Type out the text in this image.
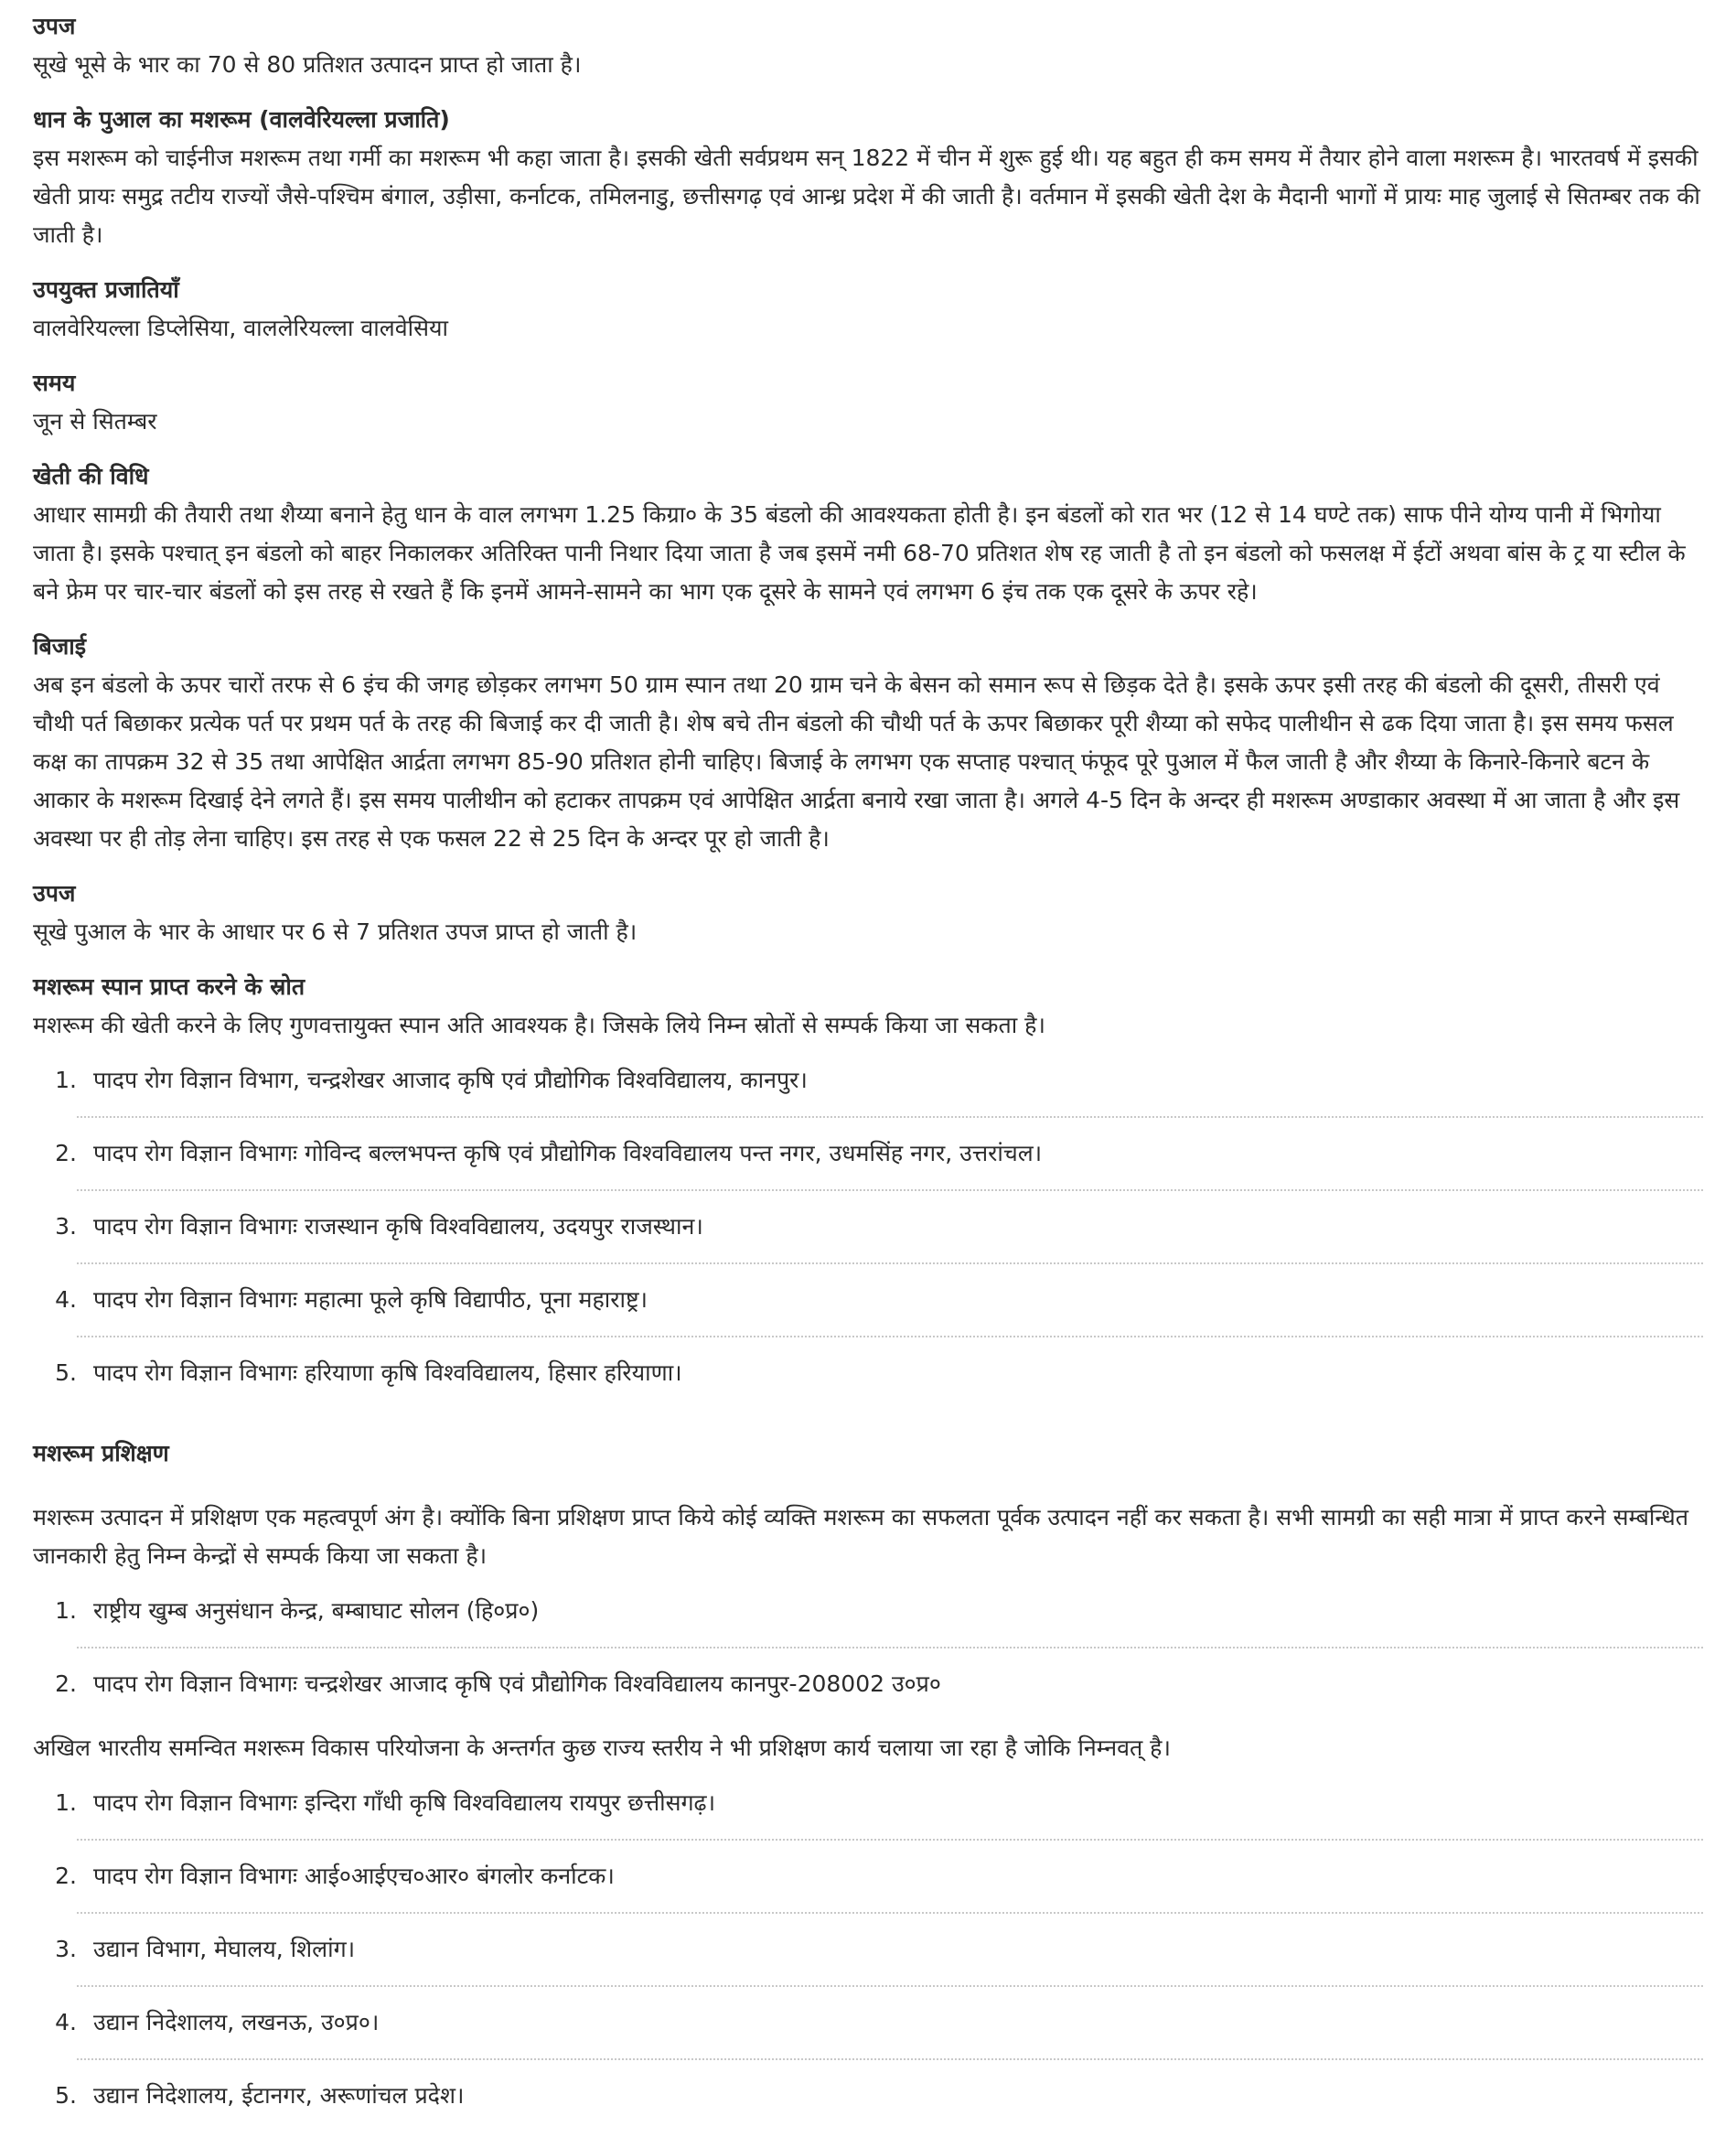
उपज

सूखे भूसे के भार का 70 से 80 प्रतिशत उत्पादन प्राप्त हो जाता है।

धान के पुआल का मशरूम (वालवेरियल्ला प्रजाति)

इस मशरूम को चाईनीज मशरूम तथा गर्मी का मशरूम भी कहा जाता है। इसकी खेती सर्वप्रथम सन् 1822 में चीन में शुरू हुई थी। यह बहुत ही कम समय में तैयार होने वाला मशरूम है। भारतवर्ष में इसकी खेती प्रायः समुद्र तटीय राज्यों जैसे-पश्चिम बंगाल, उड़ीसा, कर्नाटक, तमिलनाडु, छत्तीसगढ़ एवं आन्ध्र प्रदेश में की जाती है। वर्तमान में इसकी खेती देश के मैदानी भागों में प्रायः माह जुलाई से सितम्बर तक की जाती है।

उपयुक्त प्रजातियाँ

वालवेरियल्ला डिप्लेसिया, वाललेरियल्ला वालवेसिया

समय

जून से सितम्बर

खेती की विधि

आधार सामग्री की तैयारी तथा शैय्या बनाने हेतु धान के वाल लगभग 1.25 किग्रा० के 35 बंडलो की आवश्यकता होती है। इन बंडलों को रात भर (12 से 14 घण्टे तक) साफ पीने योग्य पानी में भिगोया जाता है। इसके पश्चात् इन बंडलो को बाहर निकालकर अतिरिक्त पानी निथार दिया जाता है जब इसमें नमी 68-70 प्रतिशत शेष रह जाती है तो इन बंडलो को फसलक्ष में ईटों अथवा बांस के ट्र या स्टील के बने फ्रेम पर चार-चार बंडलों को इस तरह से रखते हैं कि इनमें आमने-सामने का भाग एक दूसरे के सामने एवं लगभग 6 इंच तक एक दूसरे के ऊपर रहे।

बिजाई

अब इन बंडलो के ऊपर चारों तरफ से 6 इंच की जगह छोड़कर लगभग 50 ग्राम स्पान तथा 20 ग्राम चने के बेसन को समान रूप से छिड़क देते है। इसके ऊपर इसी तरह की बंडलो की दूसरी, तीसरी एवं चौथी पर्त बिछाकर प्रत्येक पर्त पर प्रथम पर्त के तरह की बिजाई कर दी जाती है। शेष बचे तीन बंडलो की चौथी पर्त के ऊपर बिछाकर पूरी शैय्या को सफेद पालीथीन से ढक दिया जाता है। इस समय फसल कक्ष का तापक्रम 32 से 35 तथा आपेक्षित आर्द्रता लगभग 85-90 प्रतिशत होनी चाहिए। बिजाई के लगभग एक सप्ताह पश्चात् फंफूद पूरे पुआल में फैल जाती है और शैय्या के किनारे-किनारे बटन के आकार के मशरूम दिखाई देने लगते हैं। इस समय पालीथीन को हटाकर तापक्रम एवं आपेक्षित आर्द्रता बनाये रखा जाता है। अगले 4-5 दिन के अन्दर ही मशरूम अण्डाकार अवस्था में आ जाता है और इस अवस्था पर ही तोड़ लेना चाहिए। इस तरह से एक फसल 22 से 25 दिन के अन्दर पूर हो जाती है।

उपज

सूखे पुआल के भार के आधार पर 6 से 7 प्रतिशत उपज प्राप्त हो जाती है।

मशरूम स्पान प्राप्त करने के स्रोत

मशरूम की खेती करने के लिए गुणवत्तायुक्त स्पान अति आवश्यक है। जिसके लिये निम्न स्रोतों से सम्पर्क किया जा सकता है।

1. पादप रोग विज्ञान विभाग, चन्द्रशेखर आजाद कृषि एवं प्रौद्योगिक विश्वविद्यालय, कानपुर।
2. पादप रोग विज्ञान विभागः गोविन्द बल्लभपन्त कृषि एवं प्रौद्योगिक विश्वविद्यालय पन्त नगर, उधमसिंह नगर, उत्तरांचल।
3. पादप रोग विज्ञान विभागः राजस्थान कृषि विश्वविद्यालय, उदयपुर राजस्थान।
4. पादप रोग विज्ञान विभागः महात्मा फूले कृषि विद्यापीठ, पूना महाराष्ट्र।
5. पादप रोग विज्ञान विभागः हरियाणा कृषि विश्वविद्यालय, हिसार हरियाणा।

मशरूम प्रशिक्षण

मशरूम उत्पादन में प्रशिक्षण एक महत्वपूर्ण अंग है। क्योंकि बिना प्रशिक्षण प्राप्त किये कोई व्यक्ति मशरूम का सफलता पूर्वक उत्पादन नहीं कर सकता है। सभी सामग्री का सही मात्रा में प्राप्त करने सम्बन्धित जानकारी हेतु निम्न केन्द्रों से सम्पर्क किया जा सकता है।

1. राष्ट्रीय खुम्ब अनुसंधान केन्द्र, बम्बाघाट सोलन (हि०प्र०)
2. पादप रोग विज्ञान विभागः चन्द्रशेखर आजाद कृषि एवं प्रौद्योगिक विश्वविद्यालय कानपुर-208002 उ०प्र०

अखिल भारतीय समन्वित मशरूम विकास परियोजना के अन्तर्गत कुछ राज्य स्तरीय ने भी प्रशिक्षण कार्य चलाया जा रहा है जोकि निम्नवत् है।

1. पादप रोग विज्ञान विभागः इन्दिरा गाँधी कृषि विश्वविद्यालय रायपुर छत्तीसगढ़।
2. पादप रोग विज्ञान विभागः आई०आईएच०आर० बंगलोर कर्नाटक।
3. उद्यान विभाग, मेघालय, शिलांग।
4. उद्यान निदेशालय, लखनऊ, उ०प्र०।
5. उद्यान निदेशालय, ईटानगर, अरूणांचल प्रदेश।
